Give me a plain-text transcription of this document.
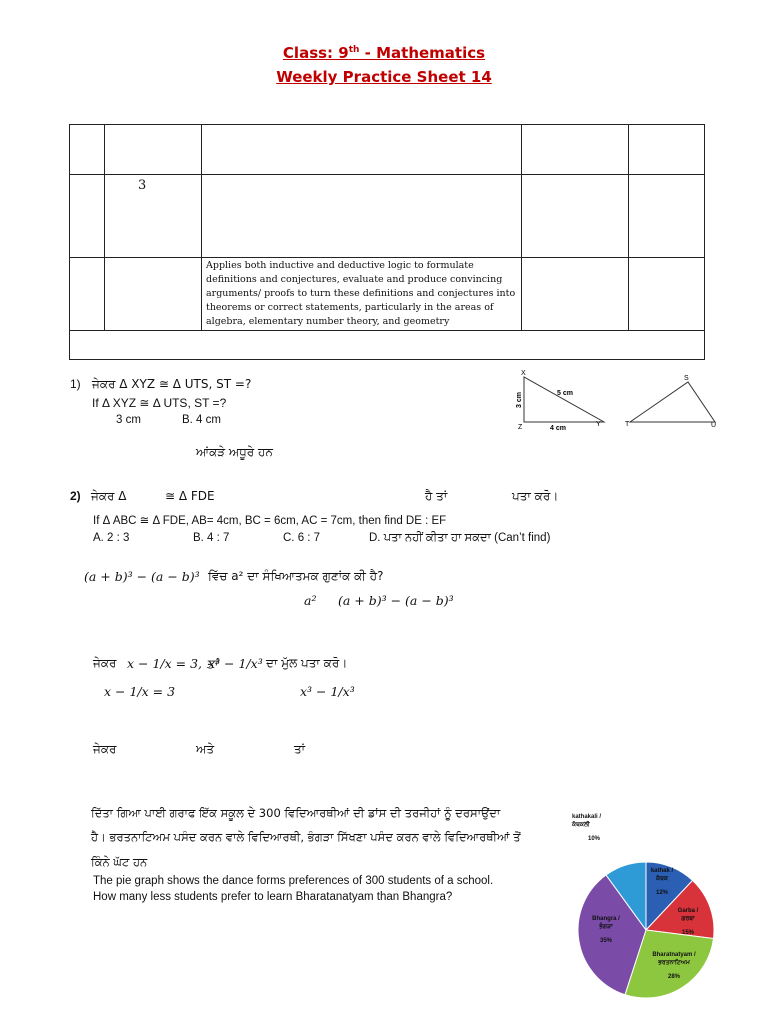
Class: 9th - Mathematics
Weekly Practice Sheet 14

	3			

		Applies both inductive and deductive logic to formulate definitions and conjectures, evaluate and produce convincing arguments/ proofs to turn these definitions and conjectures into theorems or correct statements, particularly in the areas of algebra, elementary number theory, and geometry		

1) ਜੇਕਰ Δ XYZ ≅ Δ UTS, ST =?
If Δ XYZ ≅ Δ UTS, ST =?
3 cm	B. 4 cm
ਆਂਕੜੇ ਅਧੂਰੇ ਹਨ
X
Z	Y
5 cm
4 cm
3 cm
S
T	U
2) ਜੇਕਰ Δ	≅ Δ FDE	ਹੈ ਤਾਂ	ਪਤਾ ਕਰੋ।
If Δ ABC ≅ Δ FDE, AB= 4cm, BC = 6cm, AC = 7cm, then find DE : EF
A. 2 : 3	B. 4 : 7	C. 6 : 7	D. ਪਤਾ ਨਹੀਂ ਕੀਤਾ ਹਾ ਸਕਦਾ (Can’t find)
(a + b)³ − (a − b)³ ਵਿੱਚ a² ਦਾ ਸੰਖਿਆਤਮਕ ਗੁਣਾਂਕ ਕੀ ਹੈ?
a² (a + b)³ − (a − b)³
ਜੇਕਰ x − 1/x = 3, ਤਾਂ
x³ − 1/x³ ਦਾ ਮੁੱਲ ਪਤਾ ਕਰੋ।
x − 1/x = 3	x³ − 1/x³
ਜੇਕਰ	ਅਤੇ	ਤਾਂ
ਦਿੱਤਾ ਗਿਆ ਪਾਈ ਗਰਾਫ ਇੱਕ ਸਕੂਲ ਦੇ 300 ਵਿਦਿਆਰਥੀਆਂ ਦੀ ਡਾਂਸ ਦੀ ਤਰਜੀਹਾਂ ਨੂੰ ਦਰਸਾਉਂਦਾ
ਹੈ। ਭਰਤਨਾਟਿਅਮ ਪਸੰਦ ਕਰਨ ਵਾਲੇ ਵਿਦਿਆਰਥੀ, ਭੰਗੜਾ ਸਿੱਖਣਾ ਪਸੰਦ ਕਰਨ ਵਾਲੇ ਵਿਦਿਆਰਥੀਆਂ ਤੋਂ
ਕਿੰਨੇ ਘੱਟ ਹਨ
The pie graph shows the dance forms preferences of 300 students of a school.
How many less students prefer to learn Bharatanatyam than Bhangra?
kathakali / ਕੱਥਕਲੀ 10%
kathak / ਕੱਥਕ 12%
Garba / ਗਰਬਾ 15%
Bharatnatyam / ਭਰਤਨਾਟਿਅਮ 28%
Bhangra / ਭੰਗੜਾ 35%
